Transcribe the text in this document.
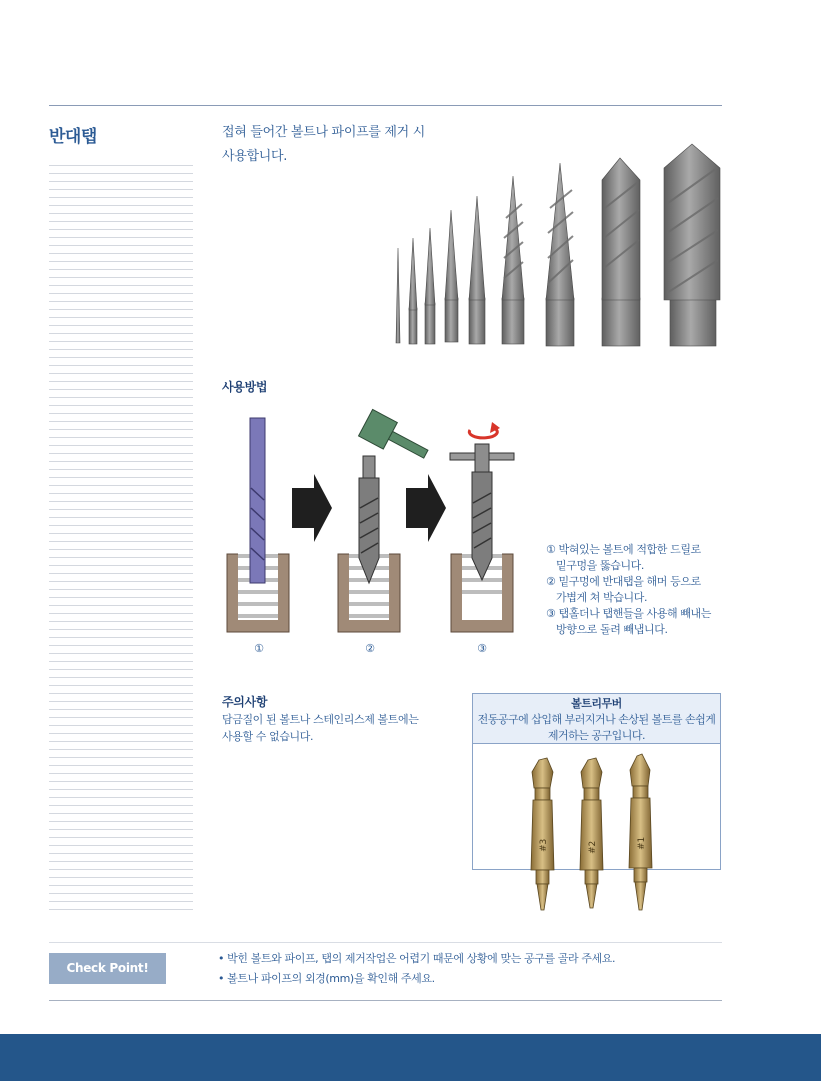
반대탭	접혀 들어간 볼트나 파이프를 제거 시
사용합니다.
사용방법
①	②	③
① 박혀있는 볼트에 적합한 드릴로
밑구멍을 뚫습니다.
② 밑구멍에 반대탭을 해머 등으로
가볍게 쳐 박습니다.
③ 탭홀더나 탭핸들을 사용해 빼내는
방향으로 돌려 빼냅니다.
주의사항
담금질이 된 볼트나 스테인리스제 볼트에는
사용할 수 없습니다.
볼트리무버
전동공구에 삽입해 부러지거나 손상된 볼트를 손쉽게
제거하는 공구입니다.
#3	#2	#1
Check Point!
• 박힌 볼트와 파이프, 탭의 제거작업은 어렵기 때문에 상황에 맞는 공구를 골라 주세요.
• 볼트나 파이프의 외경(mm)을 확인해 주세요.
